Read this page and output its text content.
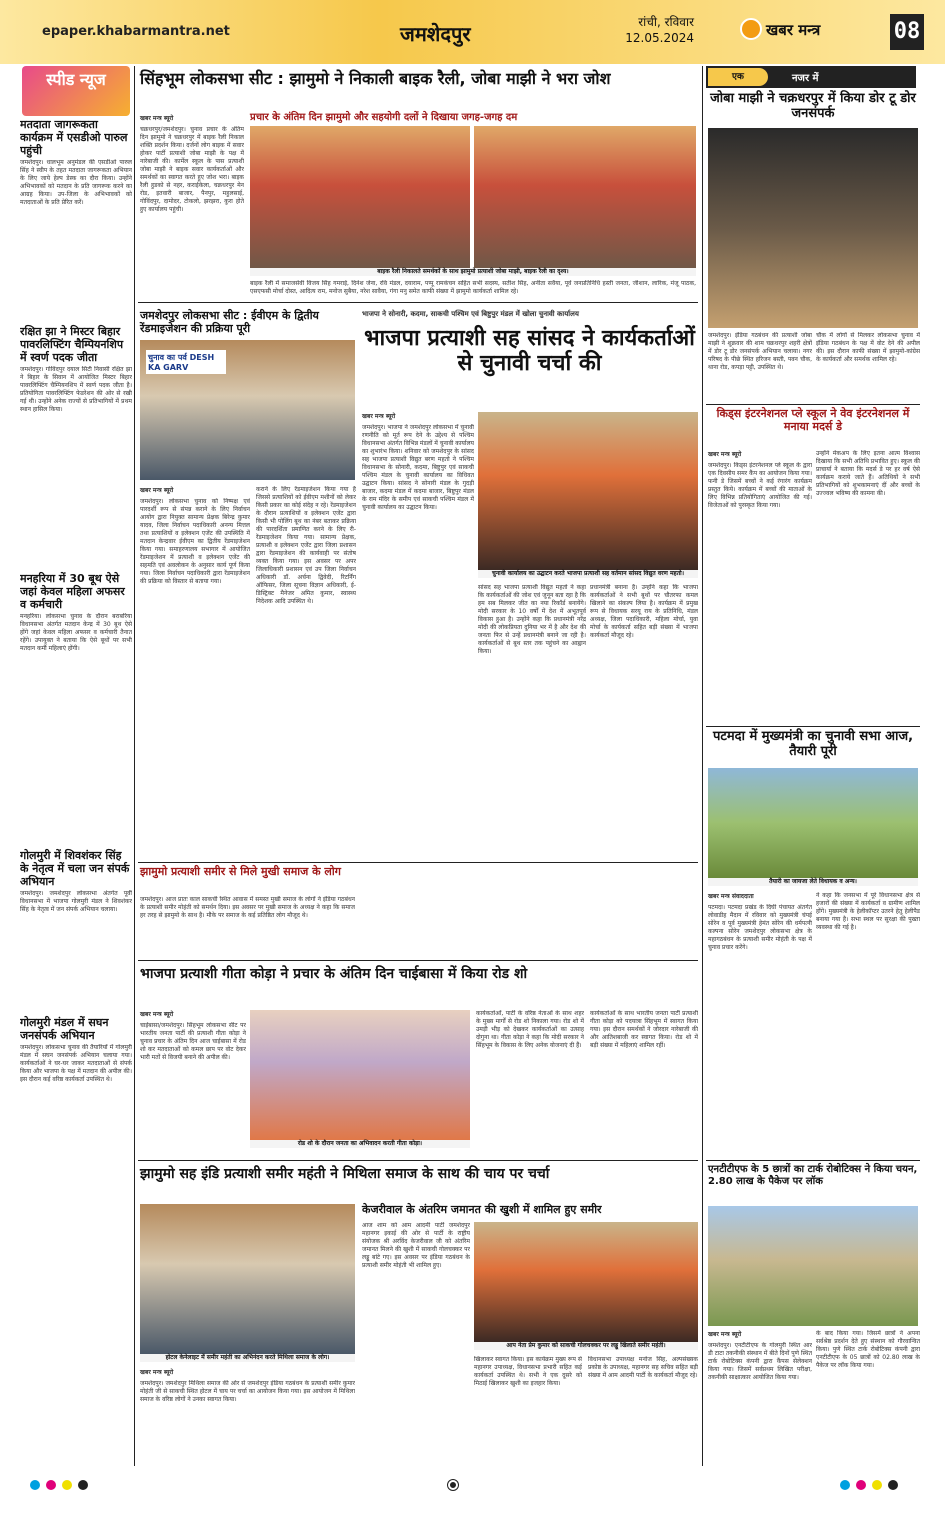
epaper.khabarmantra.net	जमशेदपुर	रांची, रविवार
12.05.2024	खबर मन्त्र	08
स्पीड न्यूज
मतदाता जागरूकता कार्यक्रम में एसडीओ पारुल पहुंची

जमशेदपुर। धालभूम अनुमंडल की एसडीओ पारुल सिंह ने स्वीप के तहत मतदाता जागरूकता अभियान के लिए जाये हेल्प डेस्क का दौरा किया। उन्होंने अभिभावकों को मतदान के प्रति जागरूक करने का आग्रह किया। उप-जिला के अभिभावकों को मतदाताओं के प्रति प्रेरित करें।

रक्षित झा ने मिस्टर बिहार पावरलिफ्टिंग चैम्पियनशिप में स्वर्ण पदक जीता

जमशेदपुर। गोविंदपुर दयाल सिटी निवासी रक्षित झा ने बिहार के सिवान में आयोजित मिस्टर बिहार पावरलिफ्टिंग चैम्पियनशिप में स्वर्ण पदक जीता है। प्रतियोगिता पावरलिफ्टिंग फेडरेशन की ओर से रखी गई थी। उन्होंने अनेक राज्यों से प्रतिभागियों में प्रथम स्थान हासिल किया।

मनहरिया में 30 बूथ ऐसे जहां केवल महिला अफसर व कर्मचारी

मनहरिया। लोकसभा चुनाव के दौरान बराबरिया विधानसभा अंतर्गत मतदान केन्द्र में 30 बूथ ऐसे होंगे जहां केवल महिला अफसर व कर्मचारी तैनात रहेंगे। उपायुक्त ने बताया कि ऐसे बूथों पर सभी मतदान कर्मी महिलाएं होंगी।

गोलमुरी में शिवशंकर सिंह के नेतृत्व में चला जन संपर्क अभियान

जमशेदपुर। जमशेदपुर लोकसभा अंतर्गत पूर्वी विधानसभा में भाजपा गोलमुरी मंडल ने शिवशंकर सिंह के नेतृत्व में जन संपर्क अभियान चलाया।

गोलमुरी मंडल में सघन जनसंपर्क अभियान

जमशेदपुर। लोकसभा चुनाव की तैयारियों में गोलमुरी मंडल में सघन जनसंपर्क अभियान चलाया गया। कार्यकर्ताओं ने घर-घर जाकर मतदाताओं से संपर्क किया और भाजपा के पक्ष में मतदान की अपील की। इस दौरान कई वरिष्ठ कार्यकर्ता उपस्थित थे।

सिंहभूम लोकसभा सीट : झामुमो ने निकाली बाइक रैली, जोबा माझी ने भरा जोश
प्रचार के अंतिम दिन झामुमो और सहयोगी दलों ने दिखाया जगह-जगह दम
खबर मन्त्र ब्यूरो
चक्रधरपुर/जमशेदपुर। चुनाव प्रचार के अंतिम दिन झामुमो ने चक्रधरपुर में बाइक रैली निकाल शक्ति प्रदर्शन किया। दर्जनों लोग बाइक में सवार होकर पार्टी प्रत्याशी जोबा माझी के पक्ष में नारेबाजी की। कार्मेल स्कूल के पास प्रत्याशी जोबा माझी ने बाइक सवार कार्यकर्ताओं और समर्थकों का स्वागत करते हुए जोश भरा। बाइक रैली हुडको से नहर, कराईकेला, चक्रधरपुर मेन रोड, इतवारी बाजार, पैनपुर, महुलसाई, गोविंदपुर, दामोदर, टोकलो, झरझरा, कुरा होते हुए कार्यालय पहुंची।
बाइक रैली निकालते समर्थकों के साथ झामुमो प्रत्याशी जोबा माझी, बाइक रैली का दृश्य।
बाइक रैली में समाजसेवी विजय सिंह गमराई, दिनेश जेना, रवि मंडल, दयाराम, पप्पू रामकंचन सहित सभी सदस्य, सतीश सिंह, अनीता सवैया, पूर्व जनप्रतिनिधि हस्ती जनता, जीशान, लारिक, मंजू पाठक, एसएफसी मोर्चा दोस्त, आदित्य राम, मनोज सुबैया, नरेश सावैया, गंगा मनु समेत काफी संख्या में झामुमो कार्यकर्ता शामिल रहे।
जमशेदपुर लोकसभा सीट : ईवीएम के द्वितीय रेंडमाइजेशन की प्रक्रिया पूरी
चुनाव का पर्व DESH KA GARV
खबर मन्त्र ब्यूरो
जमशेदपुर। लोकसभा चुनाव को निष्पक्ष एवं पारदर्शी रूप से संपन्न कराने के लिए निर्वाचन आयोग द्वारा नियुक्त सामान्य प्रेक्षक बिरेन्द्र कुमार यादव, जिला निर्वाचन पदाधिकारी अनन्य मित्तल तथा प्रत्याशियों व इलेक्शन एजेंट की उपस्थिति में मतदान केन्द्रवार ईवीएम का द्वितीय रेंडमाइजेशन किया गया। समाहरणालय सभागार में आयोजित रेंडमाइजेशन में प्रत्याशी व इलेक्शन एजेंट की सहमति एवं अवलोकन के अनुसार कार्य पूर्ण किया गया। जिला निर्वाचन पदाधिकारी द्वारा रेंडमाइजेशन की प्रक्रिया को विस्तार से बताया गया।
कराने के लिए रेंडमाइजेशन किया गया है जिससे प्रत्याशियों को ईवीएम मशीनों को लेकर किसी प्रकार का कोई संदेह न रहे। रेंडमाइजेशन के दौरान प्रत्याशियों व इलेक्शन एजेंट द्वारा किसी भी पोलिंग बूथ का नंबर बताकर प्रक्रिया की पारदर्शिता प्रमाणित करने के लिए री-रेंडमाइजेशन किया गया। सामान्य प्रेक्षक, प्रत्याशी व इलेक्शन एजेंट द्वारा जिला प्रशासन द्वारा रेंडमाइजेशन की कार्यवाही पर संतोष व्यक्त किया गया। इस अवसर पर अपर जिलाधिकारी प्रशासन एवं उप जिला निर्वाचन अधिकारी डॉ. अर्चना द्विवेदी, रिटर्निंग ऑफिसर, जिला सूचना विज्ञान अधिकारी, ई-डिस्ट्रिक्ट मैनेजर अमित कुमार, स्वास्थ्य निदेशक आदि उपस्थित थे।
भाजपा ने सोनारी, कदमा, साकची पश्चिम एवं बिष्टुपुर मंडल में खोला चुनावी कार्यालय
भाजपा प्रत्याशी सह सांसद ने कार्यकर्ताओं से चुनावी चर्चा की
खबर मन्त्र ब्यूरो
जमशेदपुर। भाजपा ने जमशेदपुर लोकसभा में चुनावी रणनीति को मूर्त रूप देने के उद्देश्य से पश्चिम विधानसभा अंतर्गत विभिन्न मंडलों में चुनावी कार्यालय का शुभारंभ किया। शनिवार को जमशेदपुर के सांसद सह भाजपा प्रत्याशी विद्युत बरण महतो ने पश्चिम विधानसभा के सोनारी, कदमा, बिष्टुपुर एवं साकची पश्चिम मंडल के चुनावी कार्यालय का विधिवत उद्घाटन किया। सांसद ने सोनारी मंडल के गुदड़ी बाजार, कदमा मंडल में कदमा बाजार, बिष्टुपुर मंडल के राम मंदिर के समीप एवं साकची पश्चिम मंडल में चुनावी कार्यालय का उद्घाटन किया।
चुनावी कार्यालय का उद्घाटन करते भाजपा प्रत्याशी सह वर्तमान सांसद विद्युत वरण महतो।
सांसद सह भाजपा प्रत्याशी विद्युत महतो ने कहा कि कार्यकर्ताओं की जोश एवं जुनून बता रहा है कि हम सब मिलकर जीत का नया रिकॉर्ड बनायेंगे। मोदी सरकार के 10 वर्षों में देश में अभूतपूर्व विकास हुआ है। उन्होंने कहा कि प्रधानमंत्री नरेंद्र मोदी की लोकप्रियता दुनिया भर में है और देश की जनता फिर से उन्हें प्रधानमंत्री बनाने जा रही है। कार्यकर्ताओं से बूथ स्तर तक पहुंचने का आह्वान किया।
प्रधानमंत्री बनाना है। उन्होंने कहा कि भाजपा कार्यकर्ताओं ने सभी बूथों पर चौतरफा कमल खिलाने का संकल्प लिया है। कार्यक्रम में प्रमुख रूप से विधायक सरयू राय के प्रतिनिधि, मंडल अध्यक्ष, जिला पदाधिकारी, महिला मोर्चा, युवा मोर्चा के कार्यकर्ता सहित बड़ी संख्या में भाजपा कार्यकर्ता मौजूद रहे।
झामुमो प्रत्याशी समीर से मिले मुखी समाज के लोग
जमशेदपुर। आज प्रातः काल साकची स्थित आवास में समस्त मुखी समाज के लोगों ने इंडिया गठबंधन के प्रत्याशी समीर मोहंती को समर्थन दिया। इस अवसर पर मुखी समाज के अध्यक्ष ने कहा कि समाज हर तरह से झामुमो के साथ है। मौके पर समाज के कई प्रतिष्ठित लोग मौजूद थे।
भाजपा प्रत्याशी गीता कोड़ा ने प्रचार के अंतिम दिन चाईबासा में किया रोड शो
खबर मन्त्र ब्यूरो
चाईबासा/जमशेदपुर। सिंहभूम लोकसभा सीट पर भारतीय जनता पार्टी की प्रत्याशी गीता कोड़ा ने चुनाव प्रचार के अंतिम दिन आज चाईबासा में रोड शो कर मतदाताओं को कमल छाप पर वोट देकर भारी मतों से विजयी बनाने की अपील की।
रोड शो के दौरान जनता का अभिवादन करती गीता कोड़ा।
कार्यकर्ताओं, पार्टी के वरिष्ठ नेताओं के साथ शहर के मुख्य मार्गों से रोड शो निकाला गया। रोड शो में उमड़ी भीड़ को देखकर कार्यकर्ताओं का उत्साह दोगुना था। गीता कोड़ा ने कहा कि मोदी सरकार ने सिंहभूम के विकास के लिए अनेक योजनाएं दी हैं।
कार्यकर्ताओं के साथ भारतीय जनता पार्टी प्रत्याशी गीता कोड़ा को पदयात्रा सिंहभूम में स्वागत किया गया। इस दौरान समर्थकों ने जोरदार नारेबाजी की और आतिशबाजी कर स्वागत किया। रोड शो में बड़ी संख्या में महिलाएं शामिल रहीं।
झामुमो सह इंडि प्रत्याशी समीर महंती ने मिथिला समाज के साथ की चाय पर चर्चा
होटल केनेलाइट में समीर महंती का अभिनंदन करते मिथिला समाज के लोग।
खबर मन्त्र ब्यूरो
जमशेदपुर। जमशेदपुर मिथिला समाज की ओर से जमशेदपुर इंडिया गठबंधन के प्रत्याशी समीर कुमार मोहंती जी से साकची स्थित होटल में चाय पर चर्चा का आयोजन किया गया। इस आयोजन में मिथिला समाज के वरिष्ठ लोगों ने उनका स्वागत किया।
केजरीवाल के अंतरिम जमानत की खुशी में शामिल हुए समीर
आज शाम को आम आदमी पार्टी जमशेदपुर महानगर इकाई की ओर से पार्टी के राष्ट्रीय संयोजक श्री अरविंद केजरीवाल जी को अंतरिम जमानत मिलने की खुशी में साकची गोलचक्कर पर लड्डू बांटे गए। इस अवसर पर इंडिया गठबंधन के प्रत्याशी समीर मोहंती भी शामिल हुए।
आप नेता प्रेम कुमार को साकची गोलचक्कर पर लड्डू खिलाते समीर महंती।
खिलाकर स्वागत किया। इस कार्यक्रम मुख्य रूप से महानगर उपाध्यक्ष, विधानसभा प्रभारी सहित कई कार्यकर्ता उपस्थित थे। सभी ने एक दूसरे को मिठाई खिलाकर खुशी का इजहार किया।
विधानसभा उपाध्यक्ष मनोज सिंह, अल्पसंख्यक प्रकोष्ठ के उपाध्यक्ष, महानगर सह सचिव सहित बड़ी संख्या में आम आदमी पार्टी के कार्यकर्ता मौजूद रहे।
एक	नजर में
जोबा माझी ने चक्रधरपुर में किया डोर टू डोर जनसंपर्क
जमशेदपुर। इंडिया गठबंधन की प्रत्याशी जोबा माझी ने शुक्रवार की शाम चक्रधरपुर शहरी क्षेत्रों में डोर टू डोर जनसंपर्क अभियान चलाया। नगर परिषद के पीछे स्थित हरिजन बस्ती, पवन चौक, थाना रोड, कपड़ा पट्टी, उपस्थित थे।
चौक में लोगों से मिलकर लोकसभा चुनाव में इंडिया गठबंधन के पक्ष में वोट देने की अपील की। इस दौरान काफी संख्या में झामुमो-कांग्रेस के कार्यकर्ता और समर्थक शामिल रहे।
किड्स इंटरनेशनल प्ले स्कूल ने वेव इंटरनेशनल में मनाया मदर्स डे
खबर मन्त्र ब्यूरो
जमशेदपुर। किड्स इंटरनेशनल प्ले स्कूल के द्वारा एक दिवसीय समर कैंप का आयोजन किया गया। फनी डे जिसमें बच्चों ने कई रंगारंग कार्यक्रम प्रस्तुत किये। कार्यक्रम में बच्चों की माताओं के लिए विभिन्न प्रतियोगिताएं आयोजित की गई। विजेताओं को पुरस्कृत किया गया।
उन्होंने मेकअप के लिए इतना आत्म विश्वास दिखाया कि सभी अतिथि प्रभावित हुए। स्कूल की प्राचार्या ने बताया कि मदर्स डे पर हर वर्ष ऐसे कार्यक्रम कराये जाते हैं। अतिथियों ने सभी प्रतिभागियों को शुभकामनाएं दीं और बच्चों के उज्ज्वल भविष्य की कामना की।
पटमदा में मुख्यमंत्री का चुनावी सभा आज, तैयारी पूरी
तैयारी का जायजा लेते विधायक व अन्य।
खबर मन्त्र संवाददाता
पटमदा। पटमदा प्रखंड के दिघी पंचायत अंतर्गत लोवाडीह मैदान में रविवार को मुख्यमंत्री चंपई सोरेन व पूर्व मुख्यमंत्री हेमंत सोरेन की धर्मपत्नी कल्पना सोरेन जमशेदपुर लोकसभा क्षेत्र के महागठबंधन के प्रत्याशी समीर मोहंती के पक्ष में चुनाव प्रचार करेंगे।
ने कहा कि जनसभा में पूरे विधानसभा क्षेत्र से हजारों की संख्या में कार्यकर्ता व ग्रामीण शामिल होंगे। मुख्यमंत्री के हेलीकॉप्टर उतरने हेतु हेलीपैड बनाया गया है। सभा स्थल पर सुरक्षा की पुख्ता व्यवस्था की गई है।
एनटीटीएफ के 5 छात्रों का टार्क रोबोटिक्स ने किया चयन, 2.80 लाख के पैकेज पर लॉक
खबर मन्त्र ब्यूरो
जमशेदपुर। एनटीटीएफ के गोलमुरी स्थित आर डी टाटा तकनीकी संस्थान में बीते दिनों पुणे स्थित टार्क रोबोटिक्स कंपनी द्वारा कैंपस सेलेक्शन किया गया। जिसमें सर्वप्रथम लिखित परीक्षा, तकनीकी साक्षात्कार आयोजित किया गया।
के बाद किया गया। जिसमें छात्रों ने अपना सर्वश्रेष्ठ प्रदर्शन देते हुए संस्थान को गौरवान्वित किया। पुणे स्थित टार्क रोबोटिक्स कंपनी द्वारा एनटीटीएफ के 05 छात्रों को 02.80 लाख के पैकेज पर लॉक किया गया।
